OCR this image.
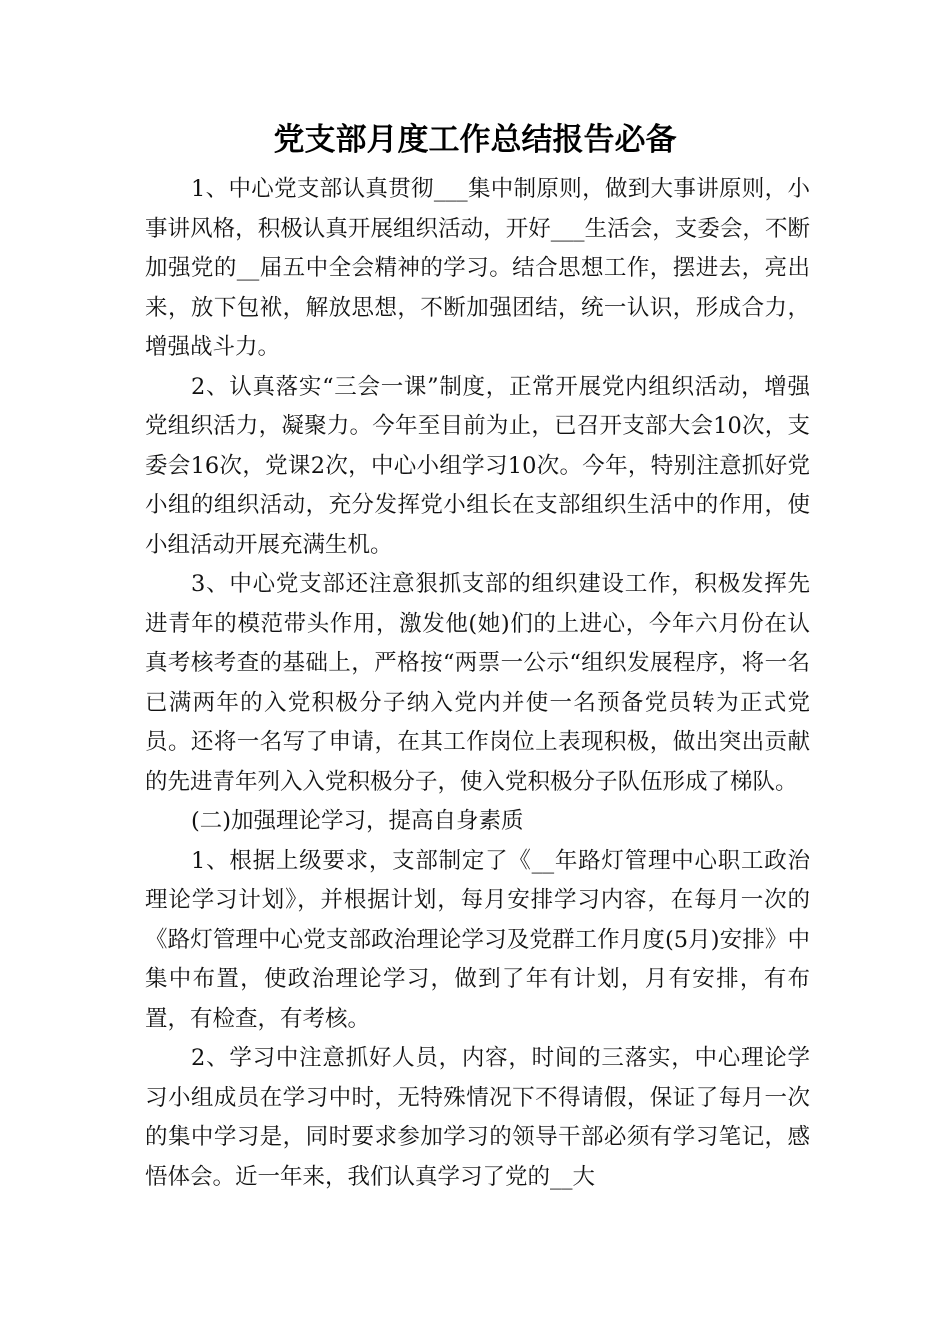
党支部月度工作总结报告必备

1、中心党支部认真贯彻___集中制原则，做到大事讲原则，小事讲风格，积极认真开展组织活动，开好___生活会，支委会，不断加强党的__届五中全会精神的学习。结合思想工作，摆进去，亮出来，放下包袱，解放思想，不断加强团结，统一认识，形成合力，增强战斗力。

2、认真落实“三会一课”制度，正常开展党内组织活动，增强党组织活力，凝聚力。今年至目前为止，已召开支部大会10次，支委会16次，党课2次，中心小组学习10次。今年，特别注意抓好党小组的组织活动，充分发挥党小组长在支部组织生活中的作用，使小组活动开展充满生机。

3、中心党支部还注意狠抓支部的组织建设工作，积极发挥先进青年的模范带头作用，激发他(她)们的上进心，今年六月份在认真考核考查的基础上，严格按“两票一公示“组织发展程序，将一名已满两年的入党积极分子纳入党内并使一名预备党员转为正式党员。还将一名写了申请，在其工作岗位上表现积极，做出突出贡献的先进青年列入入党积极分子，使入党积极分子队伍形成了梯队。

(二)加强理论学习，提高自身素质

1、根据上级要求，支部制定了《__年路灯管理中心职工政治理论学习计划》，并根据计划，每月安排学习内容，在每月一次的《路灯管理中心党支部政治理论学习及党群工作月度(5月)安排》中集中布置，使政治理论学习，做到了年有计划，月有安排，有布置，有检查，有考核。

2、学习中注意抓好人员，内容，时间的三落实，中心理论学习小组成员在学习中时，无特殊情况下不得请假，保证了每月一次的集中学习是，同时要求参加学习的领导干部必须有学习笔记，感悟体会。近一年来，我们认真学习了党的__大
